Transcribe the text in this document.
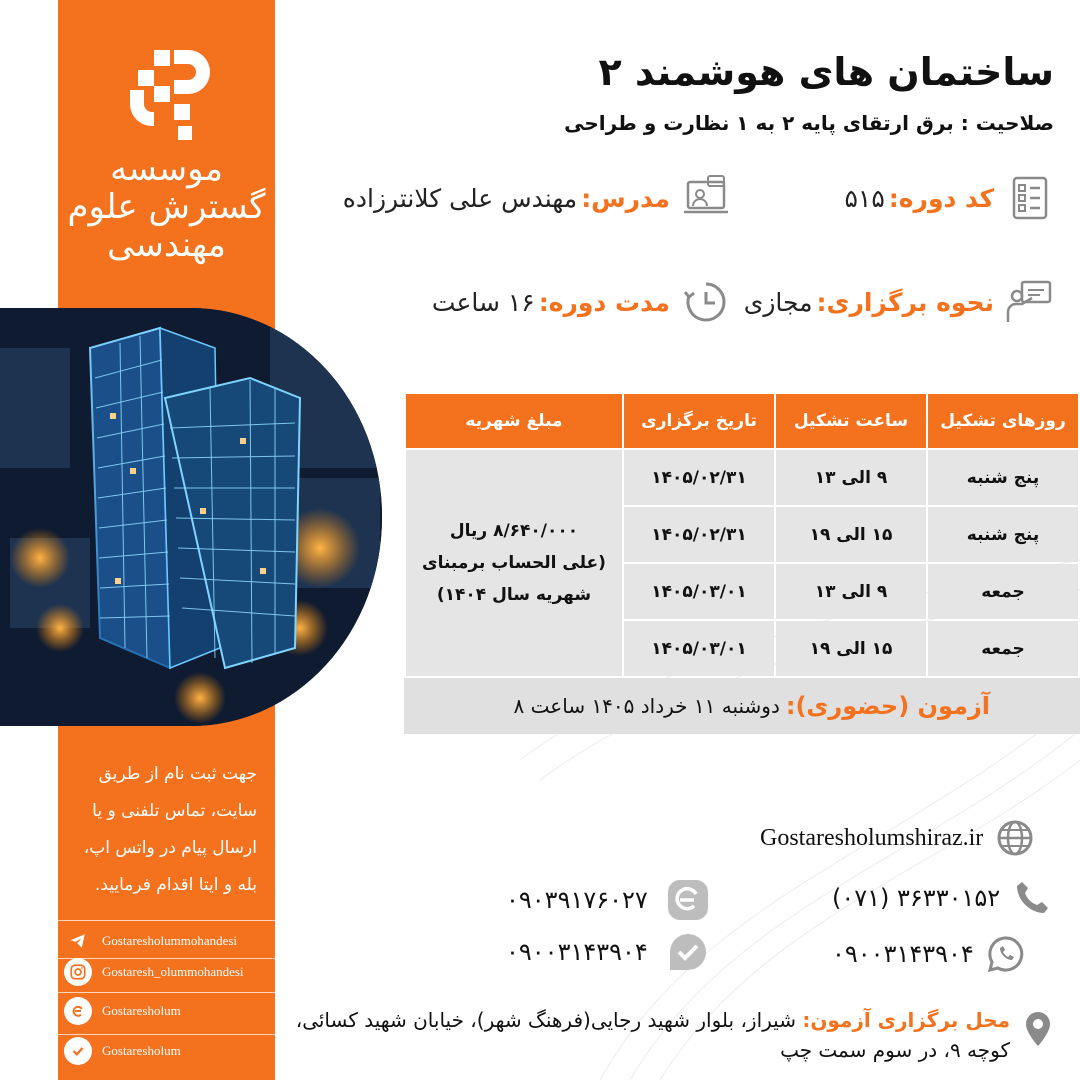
موسسه
گسترش علوم
مهندسی
جهت ثبت نام از طریق سایت، تماس تلفنی و یا ارسال پیام در واتس اپ، بله و ایتا اقدام فرمایید.
Gostaresholummohandesi
Gostaresh_olummohandesi
Gostaresholum
Gostaresholum
ساختمان های هوشمند ۲
صلاحیت : برق ارتقای پایه ۲ به ۱ نظارت و طراحی
کد دوره:
۵۱۵
مدرس:
مهندس علی کلانترزاده
نحوه برگزاری:
مجازی
مدت دوره:
۱۶ ساعت
روزهای تشکیل	ساعت تشکیل	تاریخ برگزاری	مبلغ شهریه
پنج شنبه	۹ الی ۱۳	۱۴۰۵/۰۲/۳۱	۸/۶۴۰/۰۰۰ ریال
(علی الحساب برمبنای
شهریه سال ۱۴۰۴)

پنج شنبه	۱۵ الی ۱۹	۱۴۰۵/۰۲/۳۱	
جمعه	۹ الی ۱۳	۱۴۰۵/۰۳/۰۱	
جمعه	۱۵ الی ۱۹	۱۴۰۵/۰۳/۰۱	
آزمون (حضوری):
دوشنبه ۱۱ خرداد ۱۴۰۵ ساعت ۸
Gostaresholumshiraz.ir
(۰۷۱) ۳۶۳۳۰۱۵۲
۰۹۰۰۳۱۴۳۹۰۴
۰۹۰۳۹۱۷۶۰۲۷
۰۹۰۰۳۱۴۳۹۰۴
محل برگزاری آزمون: شیراز، بلوار شهید رجایی(فرهنگ شهر)، خیابان شهید کسائی، کوچه ۹، در سوم سمت چپ
